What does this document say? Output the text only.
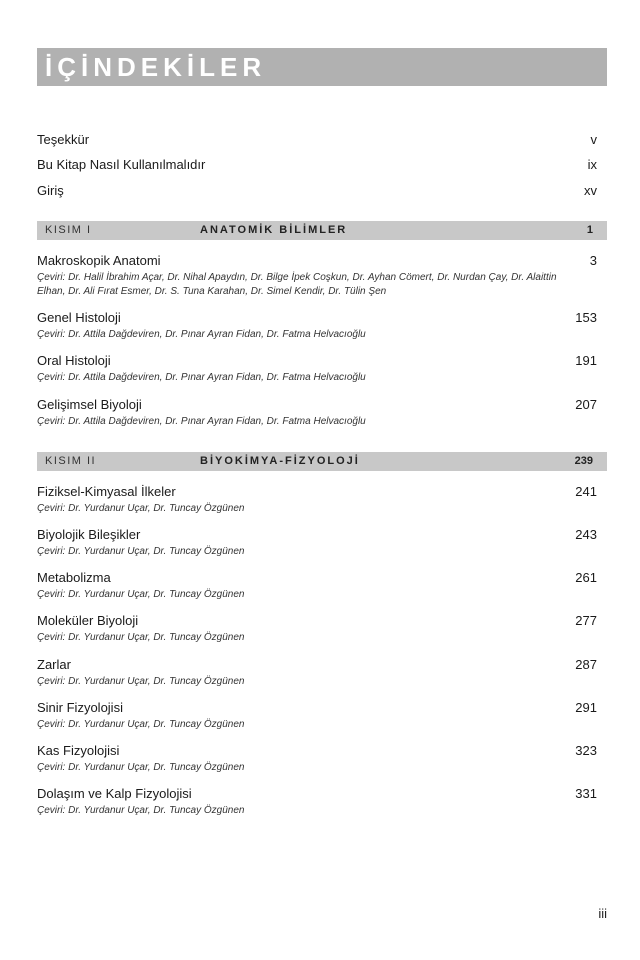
İÇİNDEKİLER
Teşekkür	v
Bu Kitap Nasıl Kullanılmalıdır	ix
Giriş	xv
KISIM I	ANATOMİK BİLİMLER	1
Makroskopik Anatomi	3
Çeviri: Dr. Halil İbrahim Açar, Dr. Nihal Apaydın, Dr. Bilge İpek Coşkun, Dr. Ayhan Cömert, Dr. Nurdan Çay, Dr. Alaittin Elhan, Dr. Ali Fırat Esmer, Dr. S. Tuna Karahan, Dr. Simel Kendir, Dr. Tülin Şen
Genel Histoloji	153
Çeviri: Dr. Attila Dağdeviren, Dr. Pınar Ayran Fidan, Dr. Fatma Helvacıoğlu
Oral Histoloji	191
Çeviri: Dr. Attila Dağdeviren, Dr. Pınar Ayran Fidan, Dr. Fatma Helvacıoğlu
Gelişimsel Biyoloji	207
Çeviri: Dr. Attila Dağdeviren, Dr. Pınar Ayran Fidan, Dr. Fatma Helvacıoğlu
KISIM II	BİYOKİMYA-FİZYOLOJİ	239
Fiziksel-Kimyasal İlkeler	241
Çeviri: Dr. Yurdanur Uçar, Dr. Tuncay Özgünen
Biyolojik Bileşikler	243
Çeviri: Dr. Yurdanur Uçar, Dr. Tuncay Özgünen
Metabolizma	261
Çeviri: Dr. Yurdanur Uçar, Dr. Tuncay Özgünen
Moleküler Biyoloji	277
Çeviri: Dr. Yurdanur Uçar, Dr. Tuncay Özgünen
Zarlar	287
Çeviri: Dr. Yurdanur Uçar, Dr. Tuncay Özgünen
Sinir Fizyolojisi	291
Çeviri: Dr. Yurdanur Uçar, Dr. Tuncay Özgünen
Kas Fizyolojisi	323
Çeviri: Dr. Yurdanur Uçar, Dr. Tuncay Özgünen
Dolaşım ve Kalp Fizyolojisi	331
Çeviri: Dr. Yurdanur Uçar, Dr. Tuncay Özgünen
iii
